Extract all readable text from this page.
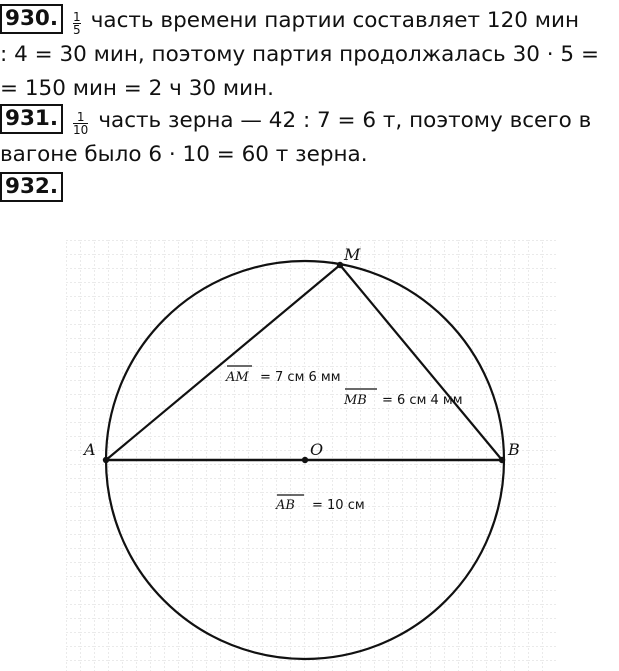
930. $\frac{1}{5}$ часть времени партии составляет 120 мин
: 4 = 30 мин, поэтому партия продолжалась 30 · 5 =
= 150 мин = 2 ч 30 мин.
931. $\frac{1}{10}$ часть зерна — 42 : 7 = 6 т, поэтому всего в
вагоне было 6 · 10 = 60 т зерна.
932.
A	B
M
O
AM = 7 см 6 мм
MB = 6 см 4 мм
AB = 10 см
